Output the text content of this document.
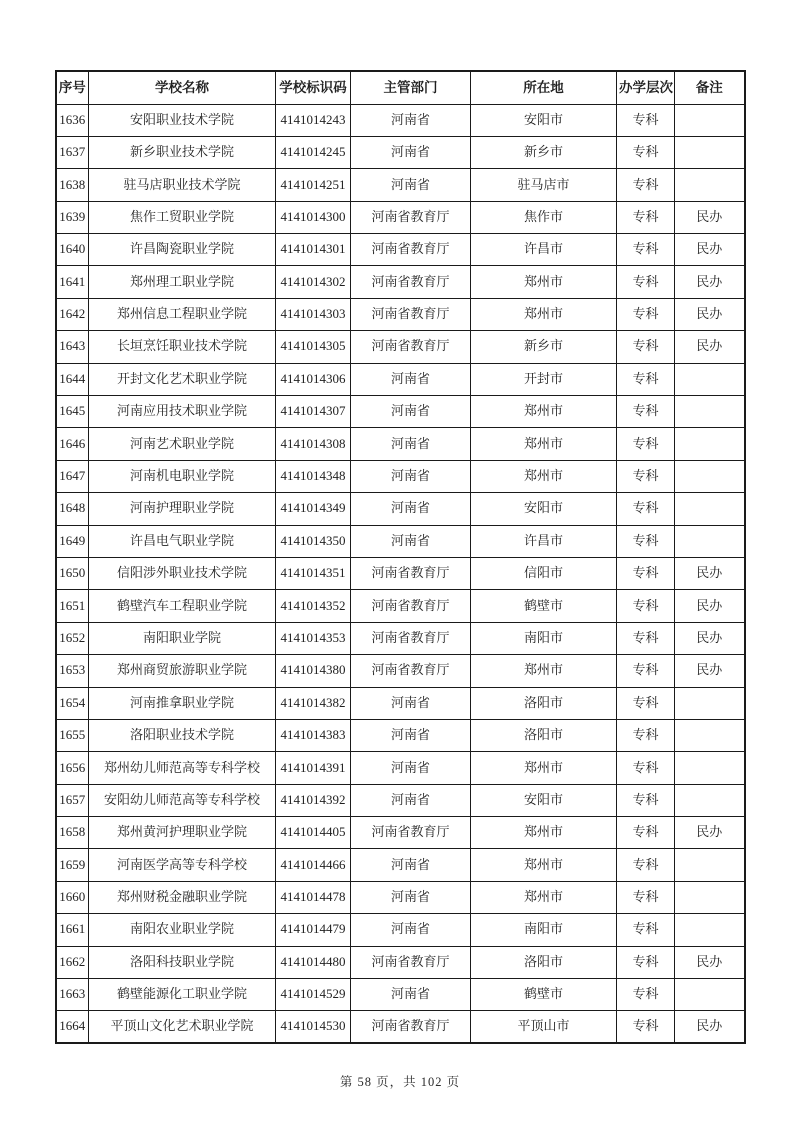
序号	学校名称	学校标识码	主管部门	所在地	办学层次	备注
1636	安阳职业技术学院	4141014243	河南省	安阳市	专科	
1637	新乡职业技术学院	4141014245	河南省	新乡市	专科	
1638	驻马店职业技术学院	4141014251	河南省	驻马店市	专科	
1639	焦作工贸职业学院	4141014300	河南省教育厅	焦作市	专科	民办
1640	许昌陶瓷职业学院	4141014301	河南省教育厅	许昌市	专科	民办
1641	郑州理工职业学院	4141014302	河南省教育厅	郑州市	专科	民办
1642	郑州信息工程职业学院	4141014303	河南省教育厅	郑州市	专科	民办
1643	长垣烹饪职业技术学院	4141014305	河南省教育厅	新乡市	专科	民办
1644	开封文化艺术职业学院	4141014306	河南省	开封市	专科	
1645	河南应用技术职业学院	4141014307	河南省	郑州市	专科	
1646	河南艺术职业学院	4141014308	河南省	郑州市	专科	
1647	河南机电职业学院	4141014348	河南省	郑州市	专科	
1648	河南护理职业学院	4141014349	河南省	安阳市	专科	
1649	许昌电气职业学院	4141014350	河南省	许昌市	专科	
1650	信阳涉外职业技术学院	4141014351	河南省教育厅	信阳市	专科	民办
1651	鹤壁汽车工程职业学院	4141014352	河南省教育厅	鹤壁市	专科	民办
1652	南阳职业学院	4141014353	河南省教育厅	南阳市	专科	民办
1653	郑州商贸旅游职业学院	4141014380	河南省教育厅	郑州市	专科	民办
1654	河南推拿职业学院	4141014382	河南省	洛阳市	专科	
1655	洛阳职业技术学院	4141014383	河南省	洛阳市	专科	
1656	郑州幼儿师范高等专科学校	4141014391	河南省	郑州市	专科	
1657	安阳幼儿师范高等专科学校	4141014392	河南省	安阳市	专科	
1658	郑州黄河护理职业学院	4141014405	河南省教育厅	郑州市	专科	民办
1659	河南医学高等专科学校	4141014466	河南省	郑州市	专科	
1660	郑州财税金融职业学院	4141014478	河南省	郑州市	专科	
1661	南阳农业职业学院	4141014479	河南省	南阳市	专科	
1662	洛阳科技职业学院	4141014480	河南省教育厅	洛阳市	专科	民办
1663	鹤壁能源化工职业学院	4141014529	河南省	鹤壁市	专科	
1664	平顶山文化艺术职业学院	4141014530	河南省教育厅	平顶山市	专科	民办
第 58 页，共 102 页
